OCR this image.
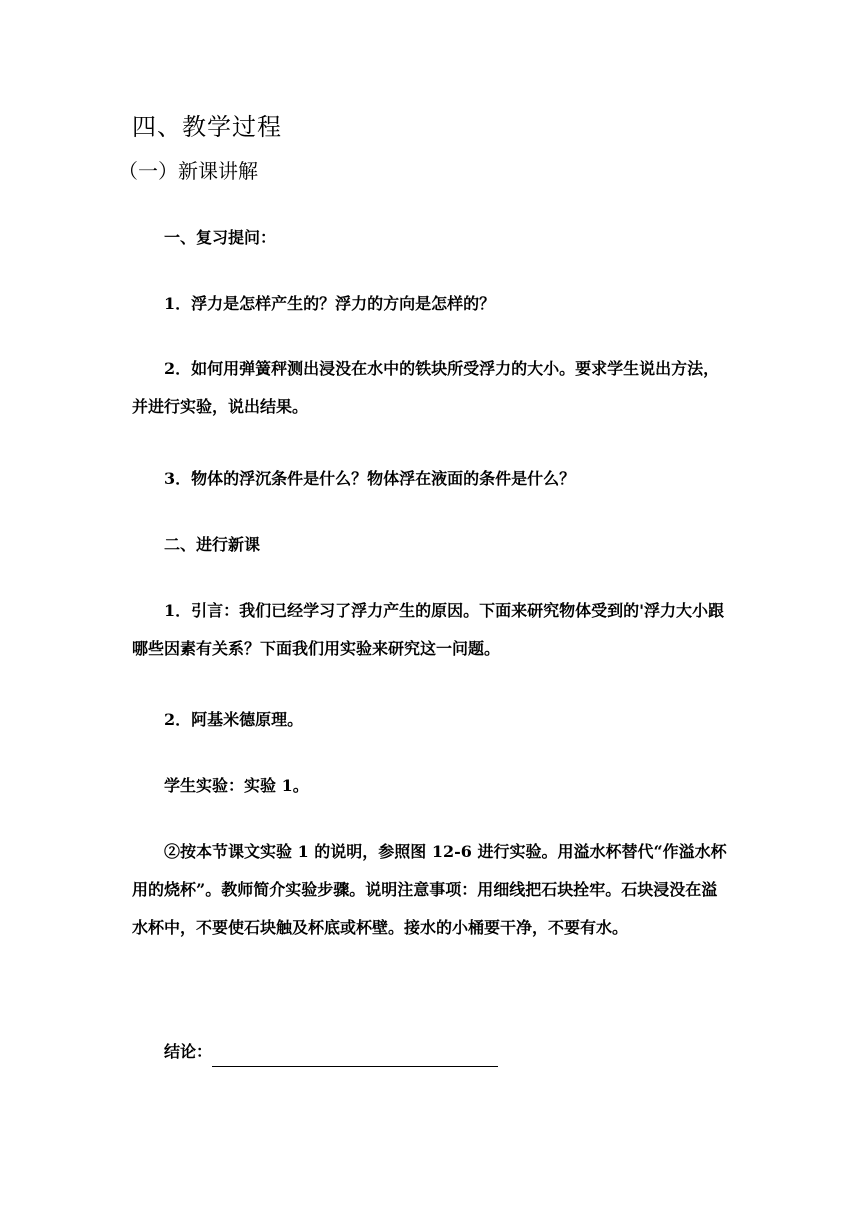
四、教学过程
（一）新课讲解

一、复习提问：

1．浮力是怎样产生的？浮力的方向是怎样的？

2．如何用弹簧秤测出浸没在水中的铁块所受浮力的大小。要求学生说出方法，并进行实验，说出结果。

3．物体的浮沉条件是什么？物体浮在液面的条件是什么？

二、进行新课

1．引言：我们已经学习了浮力产生的原因。下面来研究物体受到的'浮力大小跟哪些因素有关系？下面我们用实验来研究这一问题。

2．阿基米德原理。

学生实验：实验 1。

②按本节课文实验 1 的说明，参照图 12-6 进行实验。用溢水杯替代“作溢水杯用的烧杯”。教师简介实验步骤。说明注意事项：用细线把石块拴牢。石块浸没在溢水杯中，不要使石块触及杯底或杯壁。接水的小桶要干净，不要有水。

结论：
